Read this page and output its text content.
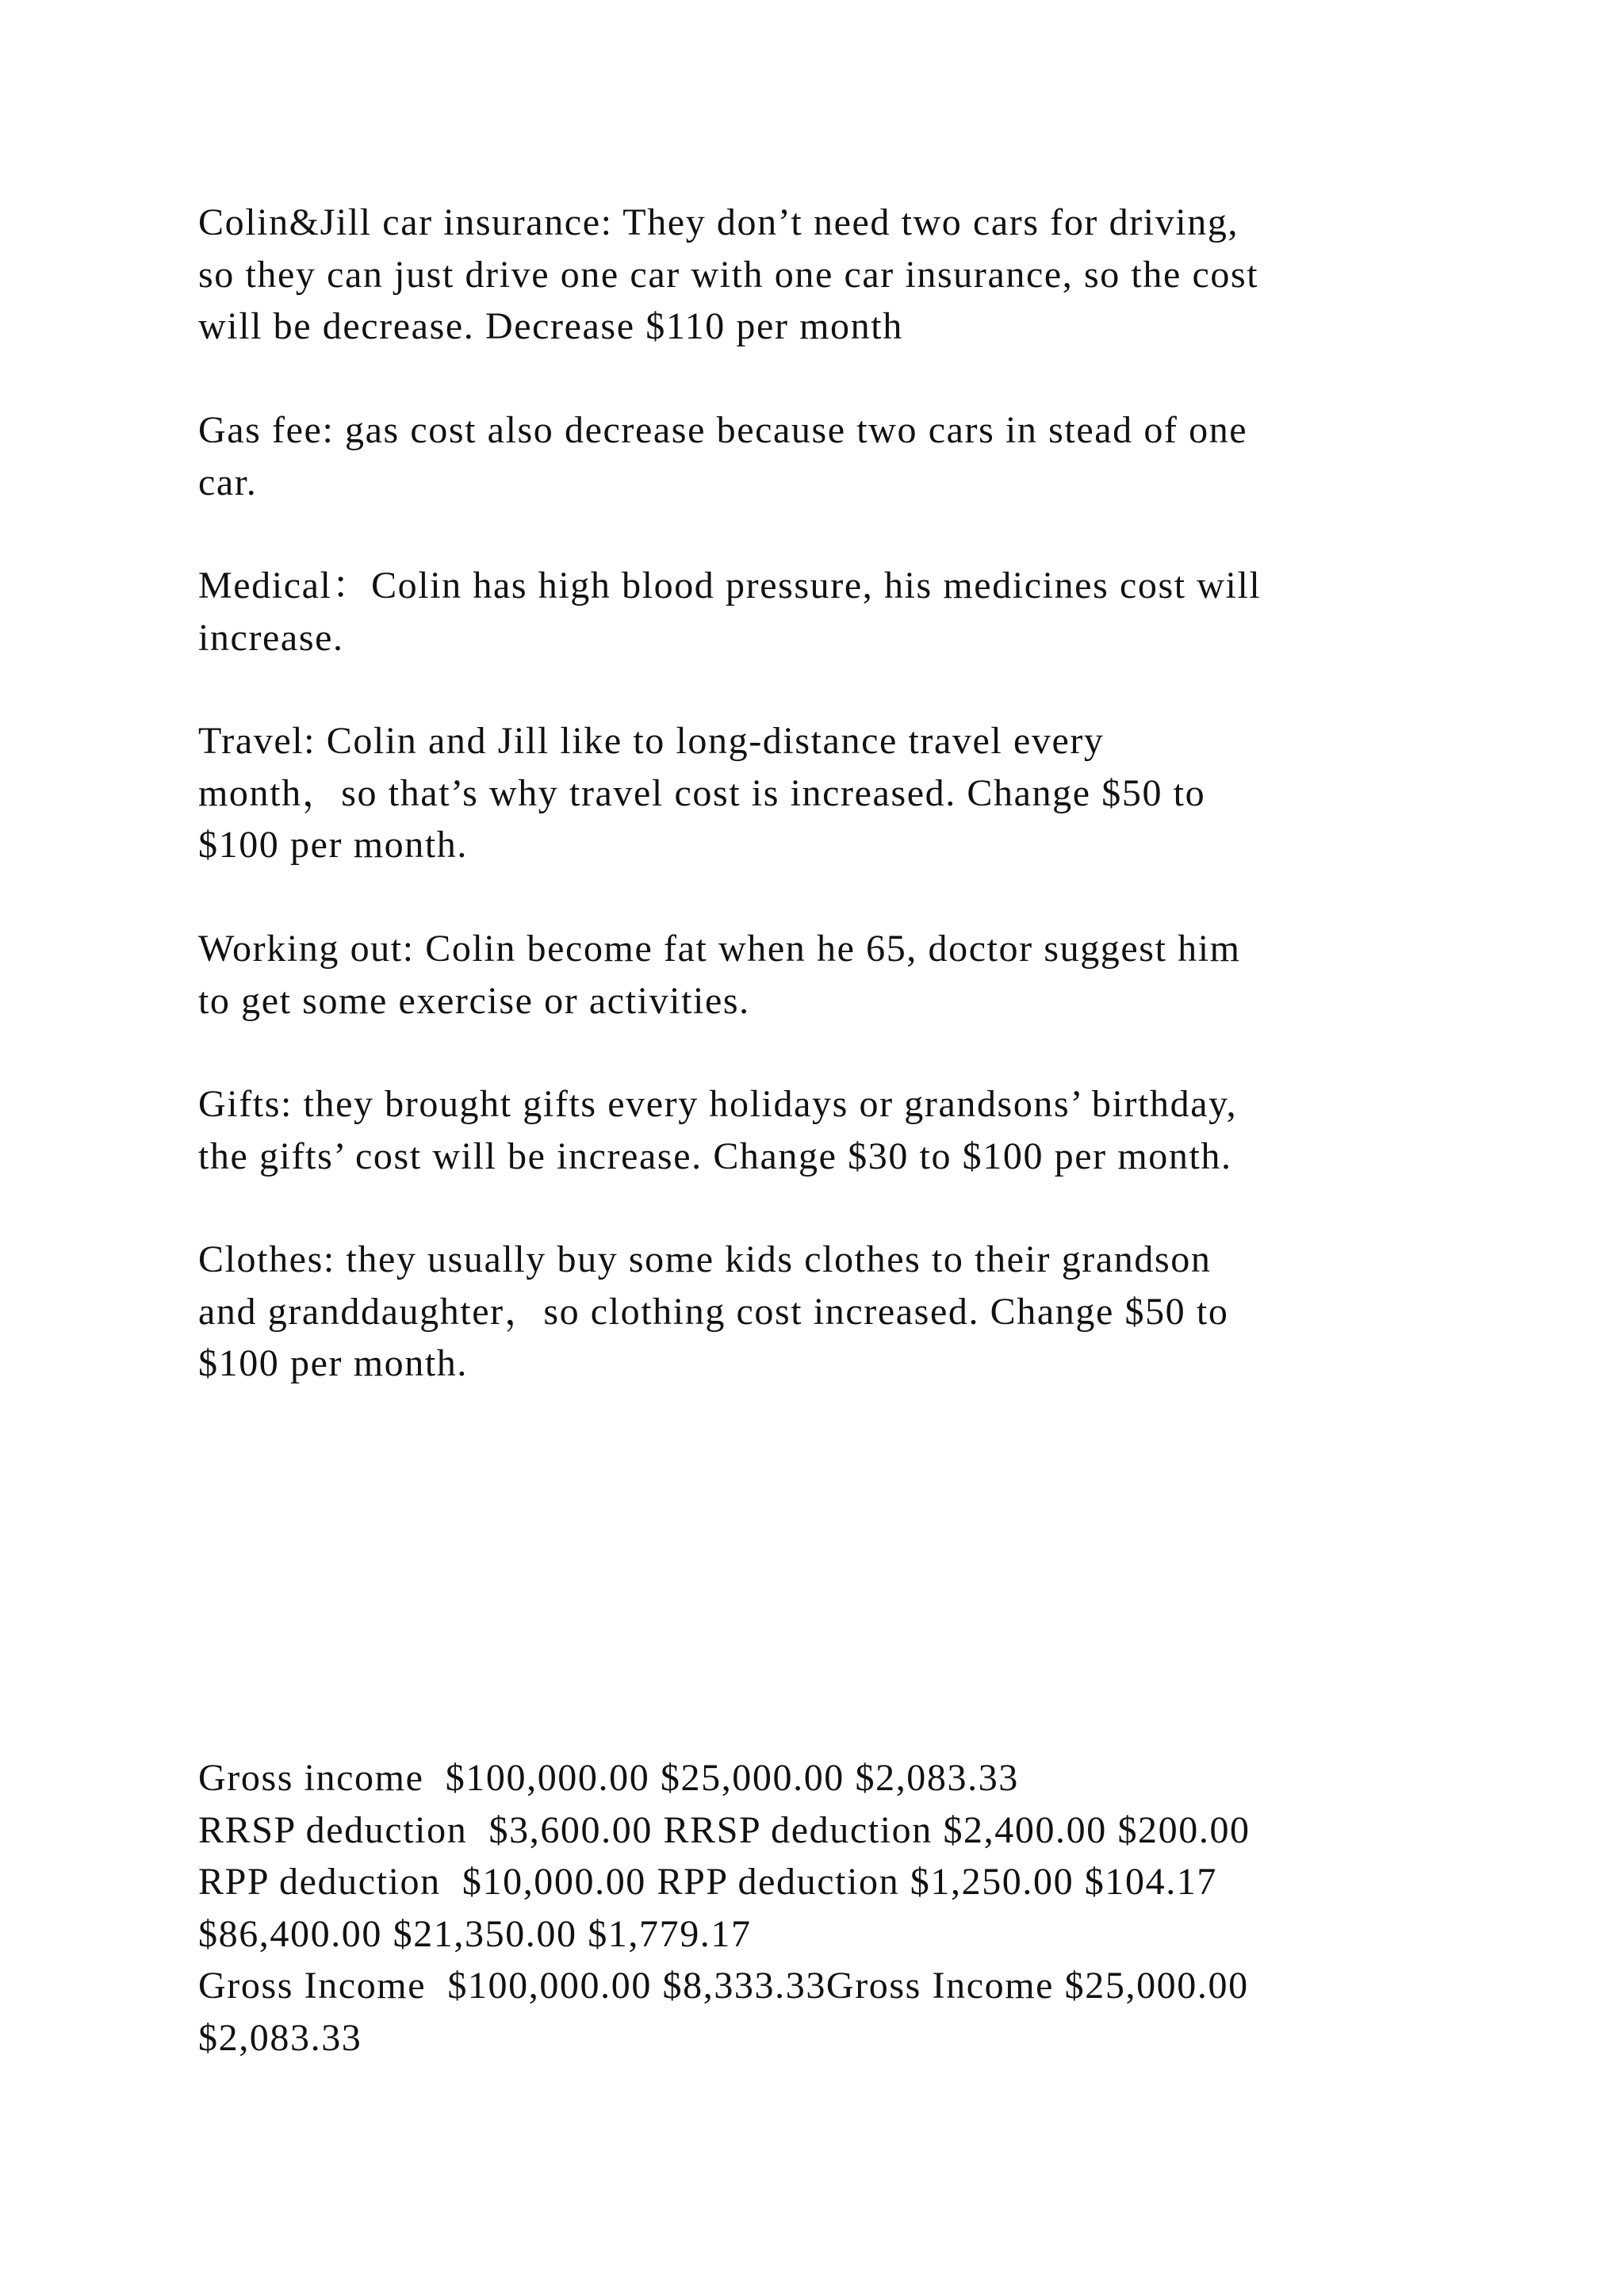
Colin&Jill car insurance: They don’t need two cars for driving,
so they can just drive one car with one car insurance, so the cost
will be decrease. Decrease $110 per month
Gas fee: gas cost also decrease because two cars in stead of one
car.
Medical：Colin has high blood pressure, his medicines cost will
increase.
Travel: Colin and Jill like to long-distance travel every
month，so that’s why travel cost is increased. Change $50 to
$100 per month.
Working out: Colin become fat when he 65, doctor suggest him
to get some exercise or activities.
Gifts: they brought gifts every holidays or grandsons’ birthday,
the gifts’ cost will be increase. Change $30 to $100 per month.
Clothes: they usually buy some kids clothes to their grandson
and granddaughter，so clothing cost increased. Change $50 to
$100 per month.
Gross income  $100,000.00 $25,000.00 $2,083.33
RRSP deduction  $3,600.00 RRSP deduction $2,400.00 $200.00
RPP deduction  $10,000.00 RPP deduction $1,250.00 $104.17
$86,400.00 $21,350.00 $1,779.17
Gross Income  $100,000.00 $8,333.33Gross Income $25,000.00
$2,083.33
